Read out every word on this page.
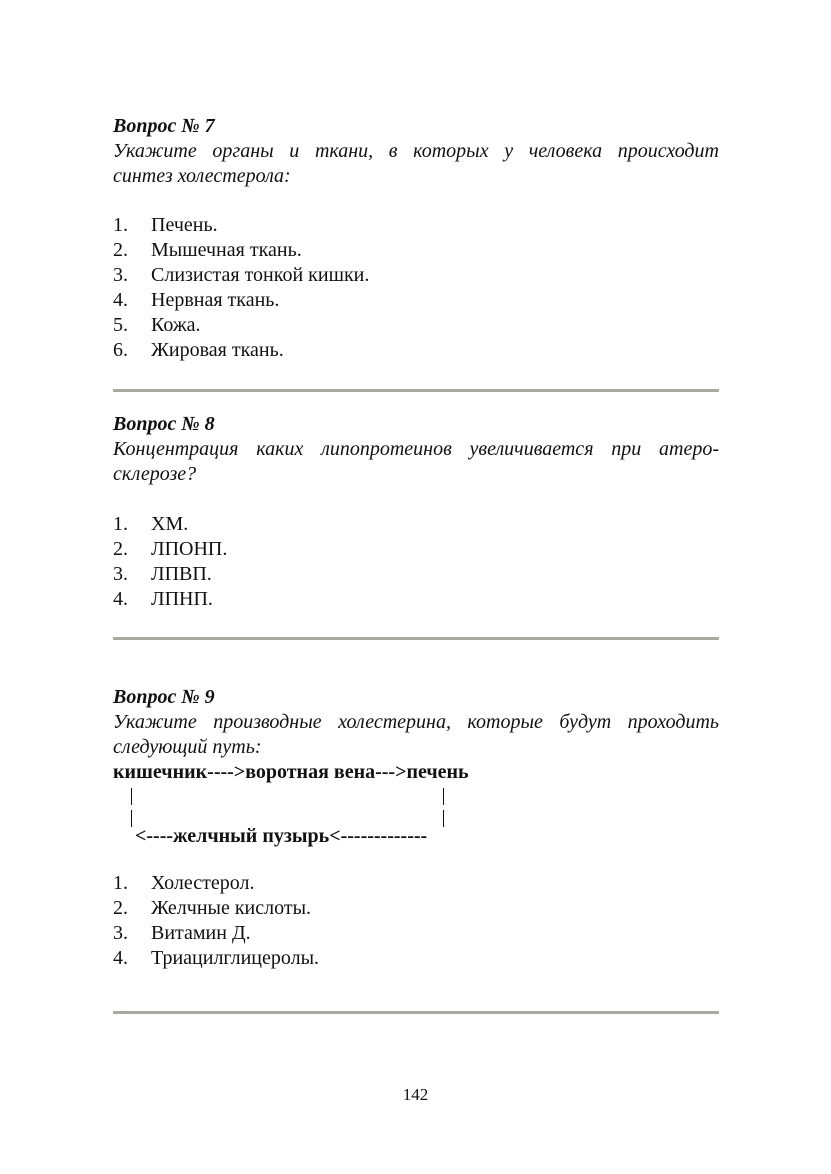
Вопрос № 7

Укажите органы и ткани, в которых у человека происходит

синтез холестерола:

1.	Печень.
2.	Мышечная ткань.
3.	Слизистая тонкой кишки.
4.	Нервная ткань.
5.	Кожа.
6.	Жировая ткань.

Вопрос № 8

Концентрация каких липопротеинов увеличивается при атеро-

склерозе?

1.	ХМ.
2.	ЛПОНП.
3.	ЛПВП.
4.	ЛПНП.

Вопрос № 9

Укажите производные холестерина, которые будут проходить

следующий путь:

кишечник---->воротная вена--->печень
<----желчный пузырь<-------------
1.	Холестерол.
2.	Желчные кислоты.
3.	Витамин Д.
4.	Триацилглицеролы.
142
